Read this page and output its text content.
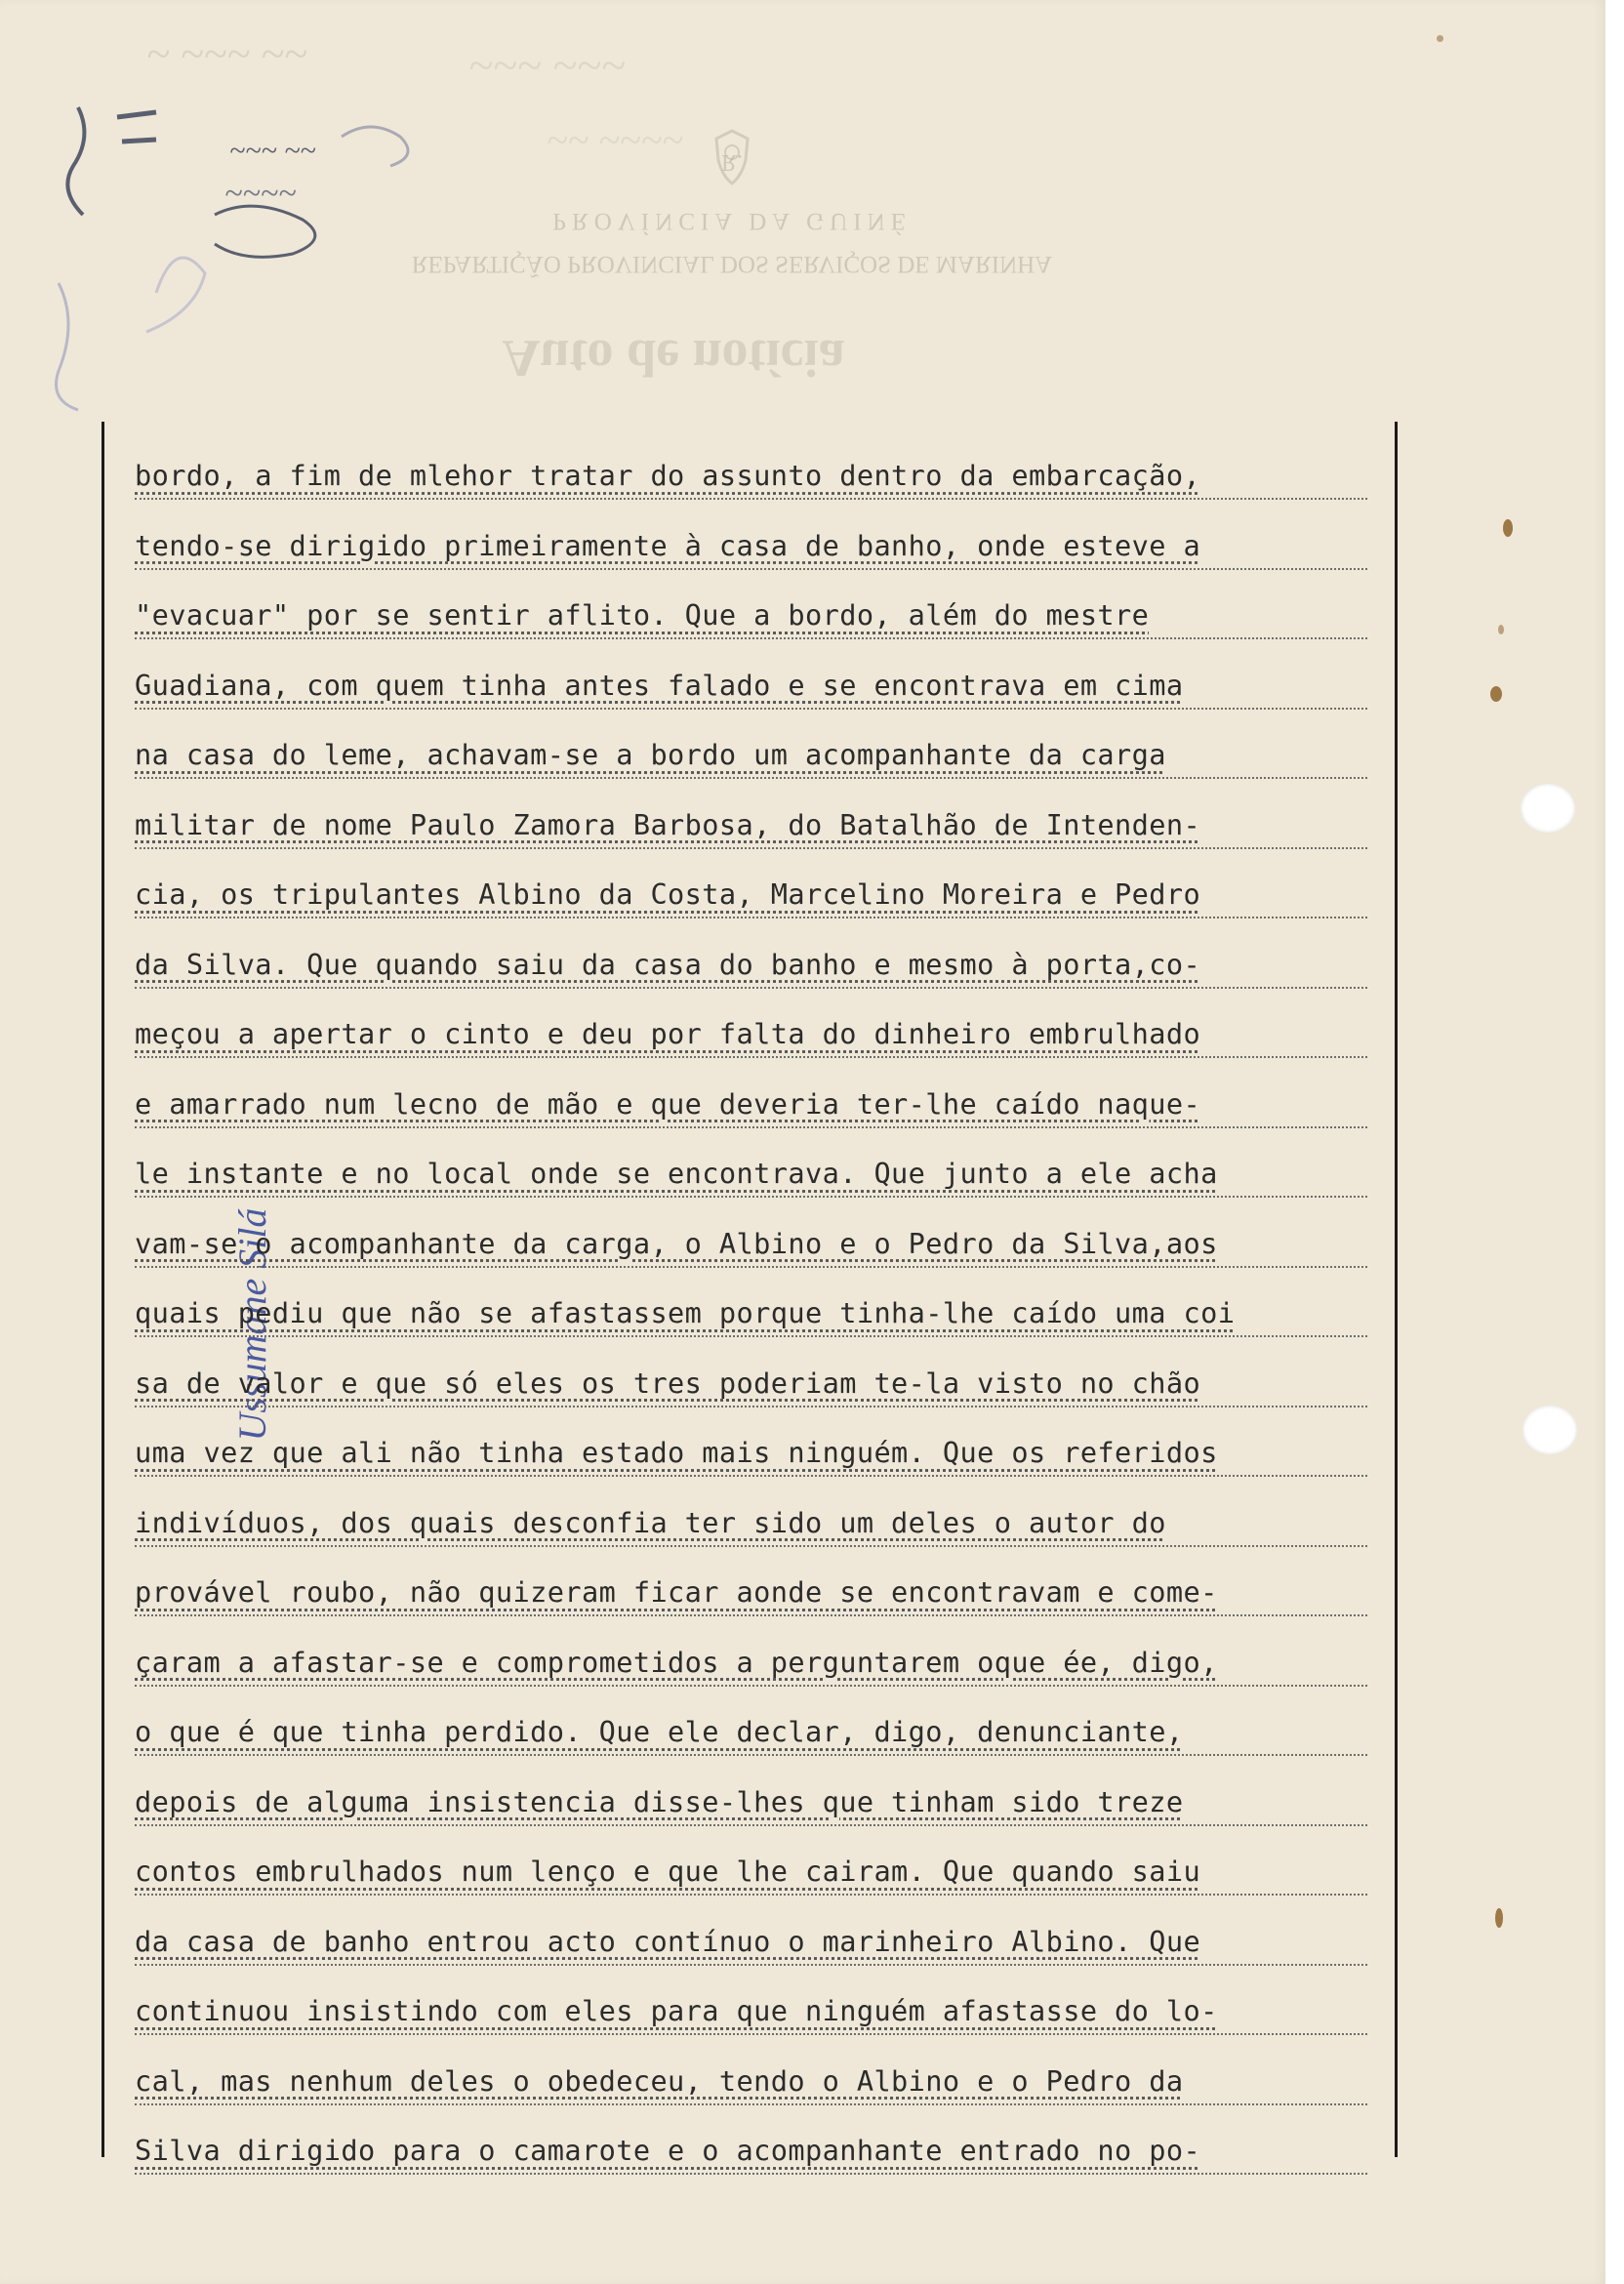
~ ~~~ ~~	~~~ ~~~
~~ ~~~~
~~~ ~~
~~~~
R.
PROVÍNCIA DA GUINÉ
REPARTIÇÃO PROVINCIAL DOS SERVIÇOS DE MARINHA
Auto de notícia
Ussumane Silá
bordo, a fim de mlehor tratar do assunto dentro da embarcação,
tendo-se dirigido primeiramente à casa de banho, onde esteve a
"evacuar" por se sentir aflito. Que a bordo, além do mestre
Guadiana, com quem tinha antes falado e se encontrava em cima
na casa do leme, achavam-se a bordo um acompanhante da carga
militar de nome Paulo Zamora Barbosa, do Batalhão de Intenden-
cia, os tripulantes Albino da Costa, Marcelino Moreira e Pedro
da Silva. Que quando saiu da casa do banho e mesmo à porta,co-
meçou a apertar o cinto e deu por falta do dinheiro embrulhado
e amarrado num lecno de mão e que deveria ter-lhe caído naque-
le instante e no local onde se encontrava. Que junto a ele acha
vam-se o acompanhante da carga, o Albino e o Pedro da Silva,aos
quais pediu que não se afastassem porque tinha-lhe caído uma coi
sa de valor e que só eles os tres poderiam te-la visto no chão
uma vez que ali não tinha estado mais ninguém. Que os referidos
indivíduos, dos quais desconfia ter sido um deles o autor do
provável roubo, não quizeram ficar aonde se encontravam e come-
çaram a afastar-se e comprometidos a perguntarem oque ée, digo,
o que é que tinha perdido. Que ele declar, digo, denunciante,
depois de alguma insistencia disse-lhes que tinham sido treze
contos embrulhados num lenço e que lhe cairam. Que quando saiu
da casa de banho entrou acto contínuo o marinheiro Albino. Que
continuou insistindo com eles para que ninguém afastasse do lo-
cal, mas nenhum deles o obedeceu, tendo o Albino e o Pedro da
Silva dirigido para o camarote e o acompanhante entrado no po-
